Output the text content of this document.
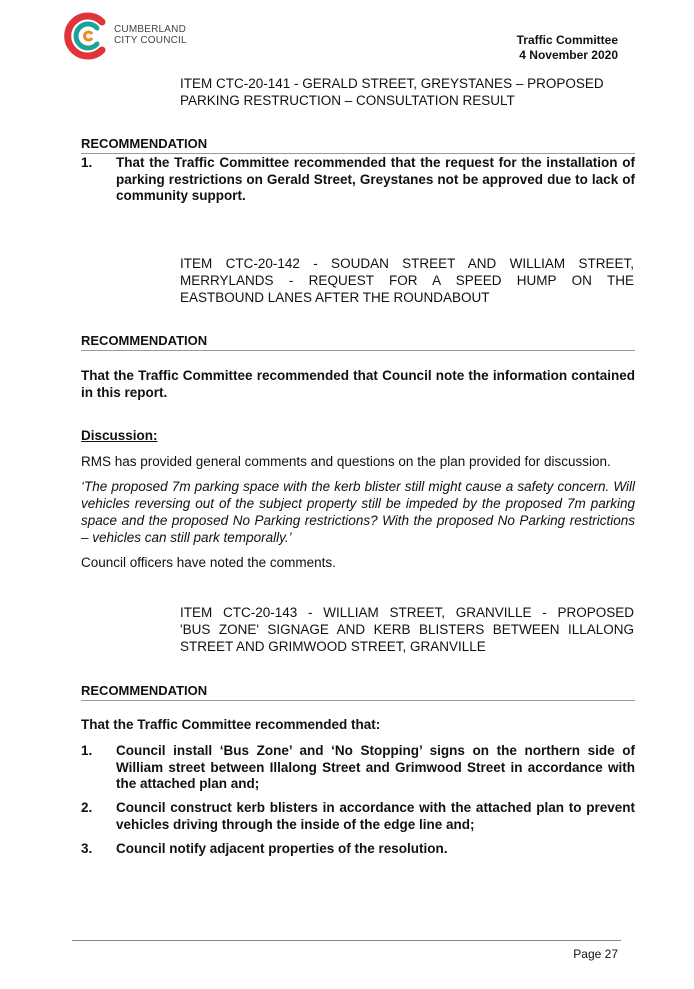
CUMBERLAND
CITY COUNCIL	Traffic Committee
4 November 2020
ITEM CTC-20-141 - GERALD STREET, GREYSTANES – PROPOSED
PARKING RESTRUCTION – CONSULTATION RESULT
RECOMMENDATION
1. That the Traffic Committee recommended that the request for the installation of parking restrictions on Gerald Street, Greystanes not be approved due to lack of community support.
ITEM CTC-20-142 - SOUDAN STREET AND WILLIAM STREET,
MERRYLANDS - REQUEST FOR A SPEED HUMP ON THE
EASTBOUND LANES AFTER THE ROUNDABOUT
RECOMMENDATION
That the Traffic Committee recommended that Council note the information contained in this report.
Discussion:
RMS has provided general comments and questions on the plan provided for discussion.
‘The proposed 7m parking space with the kerb blister still might cause a safety concern. Will vehicles reversing out of the subject property still be impeded by the proposed 7m parking space and the proposed No Parking restrictions? With the proposed No Parking restrictions – vehicles can still park temporally.’
Council officers have noted the comments.
ITEM CTC-20-143 - WILLIAM STREET, GRANVILLE - PROPOSED
'BUS ZONE' SIGNAGE AND KERB BLISTERS BETWEEN ILLALONG
STREET AND GRIMWOOD STREET, GRANVILLE
RECOMMENDATION
That the Traffic Committee recommended that:
1. Council install ‘Bus Zone’ and ‘No Stopping’ signs on the northern side of William street between Illalong Street and Grimwood Street in accordance with the attached plan and;
2. Council construct kerb blisters in accordance with the attached plan to prevent vehicles driving through the inside of the edge line and;
3. Council notify adjacent properties of the resolution.
Page 27
